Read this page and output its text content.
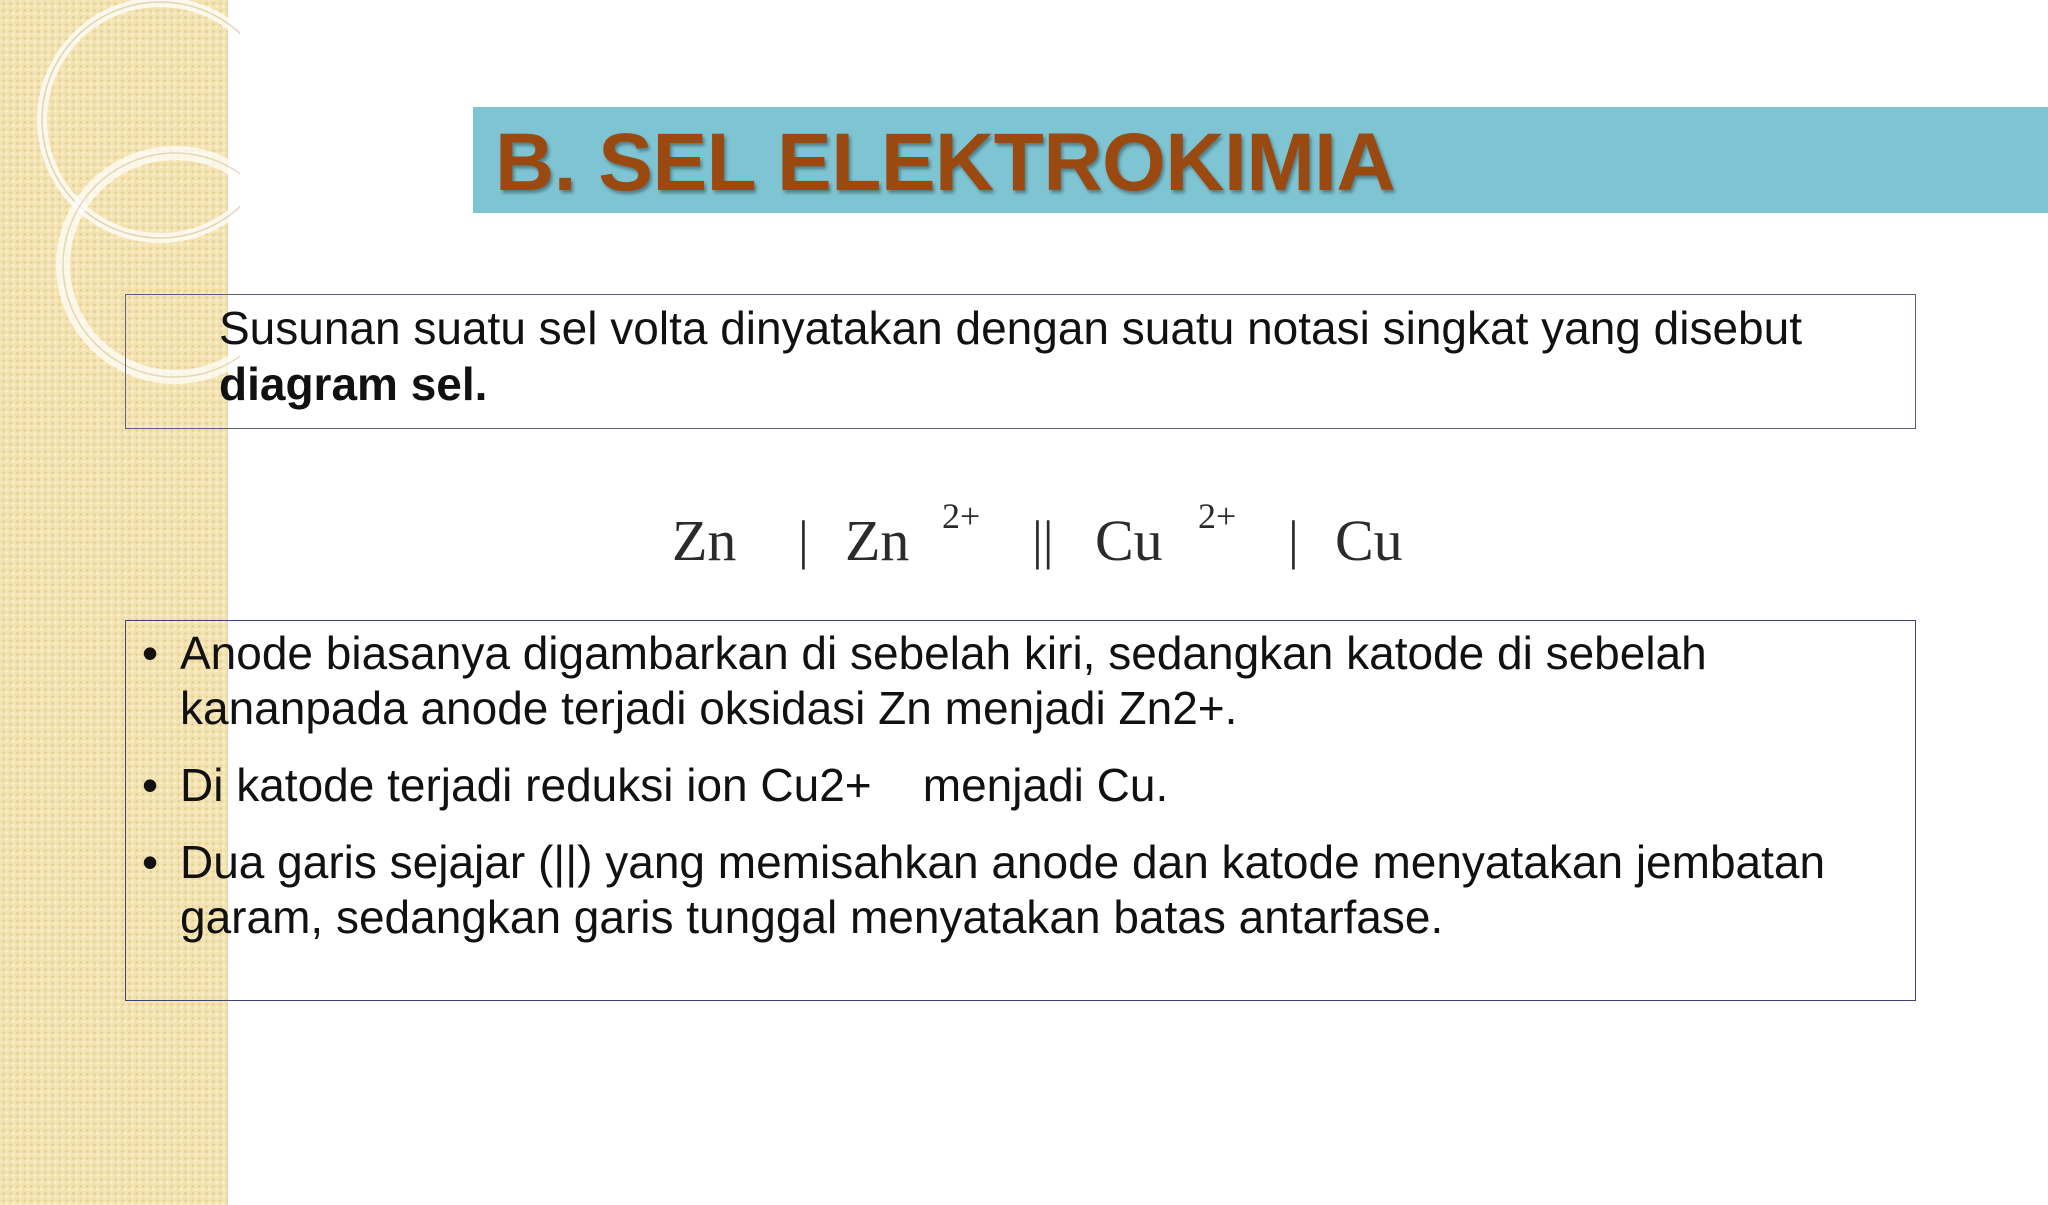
B. SEL ELEKTROKIMIA
Susunan suatu sel volta dinyatakan dengan suatu notasi singkat yang disebut diagram sel.
Zn | Zn 2+ || Cu 2+ | Cu
• Anode biasanya digambarkan di sebelah kiri, sedangkan katode di sebelah kananpada anode terjadi oksidasi Zn menjadi Zn2+.
• Di katode terjadi reduksi ion Cu2+    menjadi Cu.
• Dua garis sejajar (||) yang memisahkan anode dan katode menyatakan jembatan garam, sedangkan garis tunggal menyatakan batas antarfase.
